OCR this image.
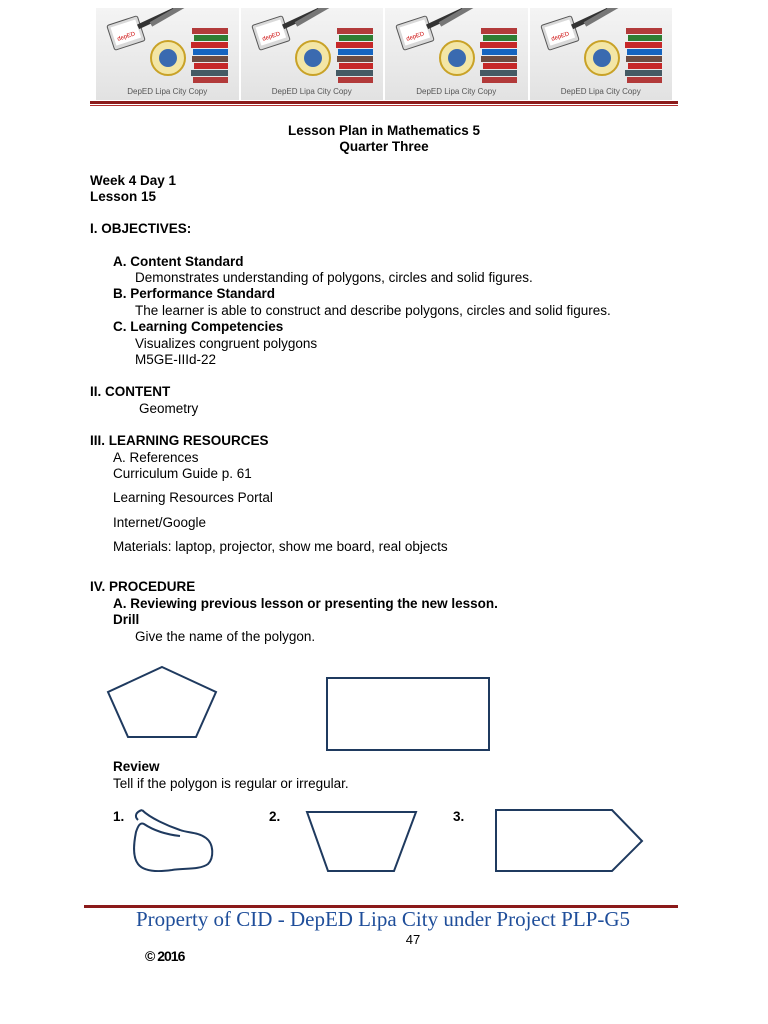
depED
DepED Lipa City Copy
depED
DepED Lipa City Copy
depED
DepED Lipa City Copy
depED
DepED Lipa City Copy
Lesson Plan in Mathematics 5
Quarter Three
Week 4 Day 1
Lesson 15
I. OBJECTIVES:
A. Content Standard
Demonstrates understanding of polygons, circles and solid figures.
B. Performance Standard
The learner is able to construct and describe polygons, circles and solid figures.
C. Learning Competencies
Visualizes congruent polygons
M5GE-IIId-22
II. CONTENT
Geometry
III. LEARNING RESOURCES
A. References
Curriculum Guide p. 61
Learning Resources Portal
Internet/Google
Materials: laptop, projector, show me board, real objects
IV. PROCEDURE
A. Reviewing previous lesson or presenting the new lesson.
Drill
Give the name of the polygon.
Review
Tell if the polygon is regular or irregular.
1.	2.	3.
Property of CID - DepED Lipa City under Project PLP-G5
47
© 2016
